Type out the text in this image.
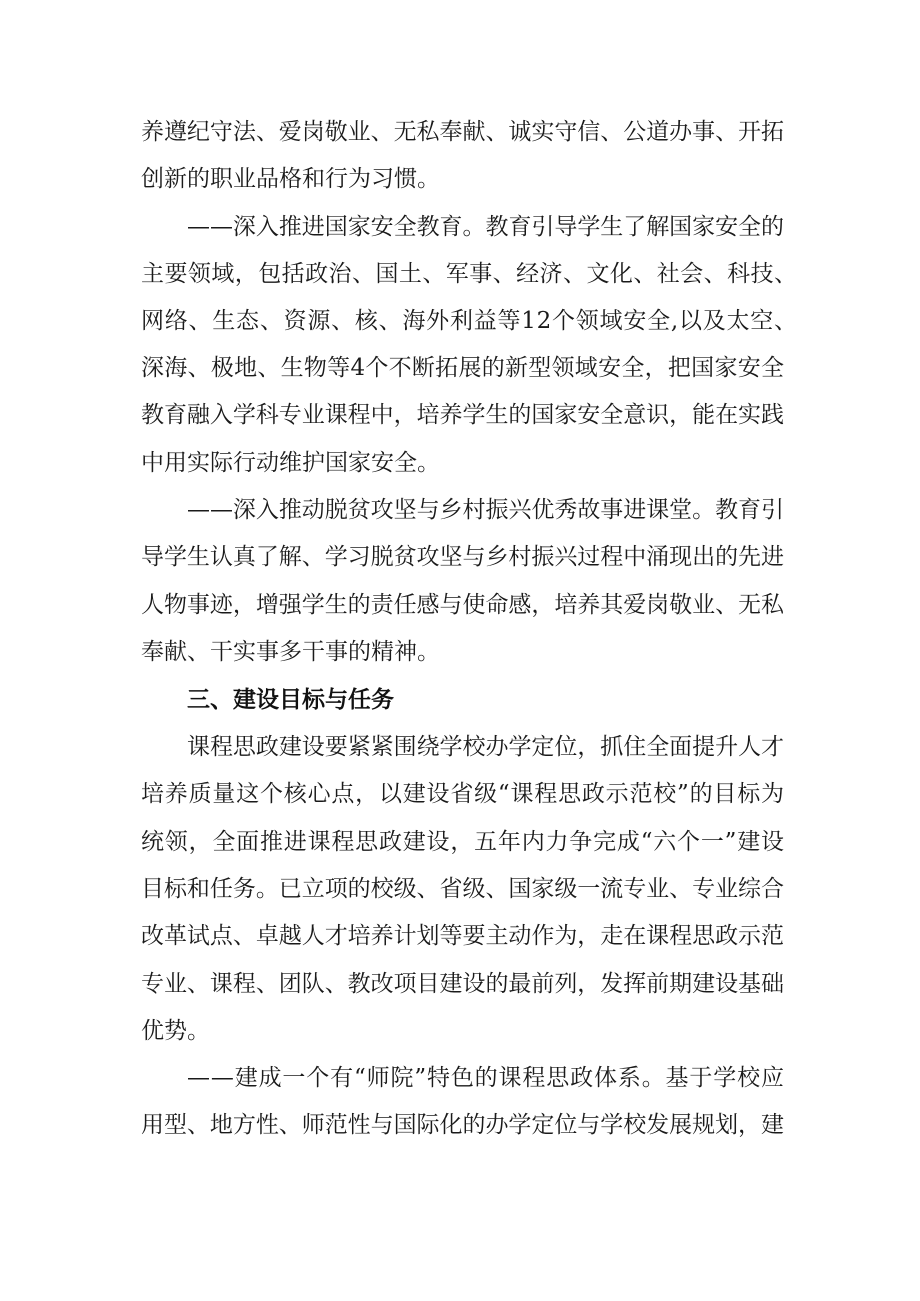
养遵纪守法、爱岗敬业、无私奉献、诚实守信、公道办事、开拓

创新的职业品格和行为习惯。

——深入推进国家安全教育。教育引导学生了解国家安全的

主要领域，包括政治、国土、军事、经济、文化、社会、科技、

网络、生态、资源、核、海外利益等12个领域安全,以及太空、

深海、极地、生物等4个不断拓展的新型领域安全，把国家安全

教育融入学科专业课程中，培养学生的国家安全意识，能在实践

中用实际行动维护国家安全。

——深入推动脱贫攻坚与乡村振兴优秀故事进课堂。教育引

导学生认真了解、学习脱贫攻坚与乡村振兴过程中涌现出的先进

人物事迹，增强学生的责任感与使命感，培养其爱岗敬业、无私

奉献、干实事多干事的精神。

三、建设目标与任务

课程思政建设要紧紧围绕学校办学定位，抓住全面提升人才

培养质量这个核心点，以建设省级“课程思政示范校”的目标为

统领，全面推进课程思政建设，五年内力争完成“六个一”建设

目标和任务。已立项的校级、省级、国家级一流专业、专业综合

改革试点、卓越人才培养计划等要主动作为，走在课程思政示范

专业、课程、团队、教改项目建设的最前列，发挥前期建设基础

优势。

——建成一个有“师院”特色的课程思政体系。基于学校应

用型、地方性、师范性与国际化的办学定位与学校发展规划，建
